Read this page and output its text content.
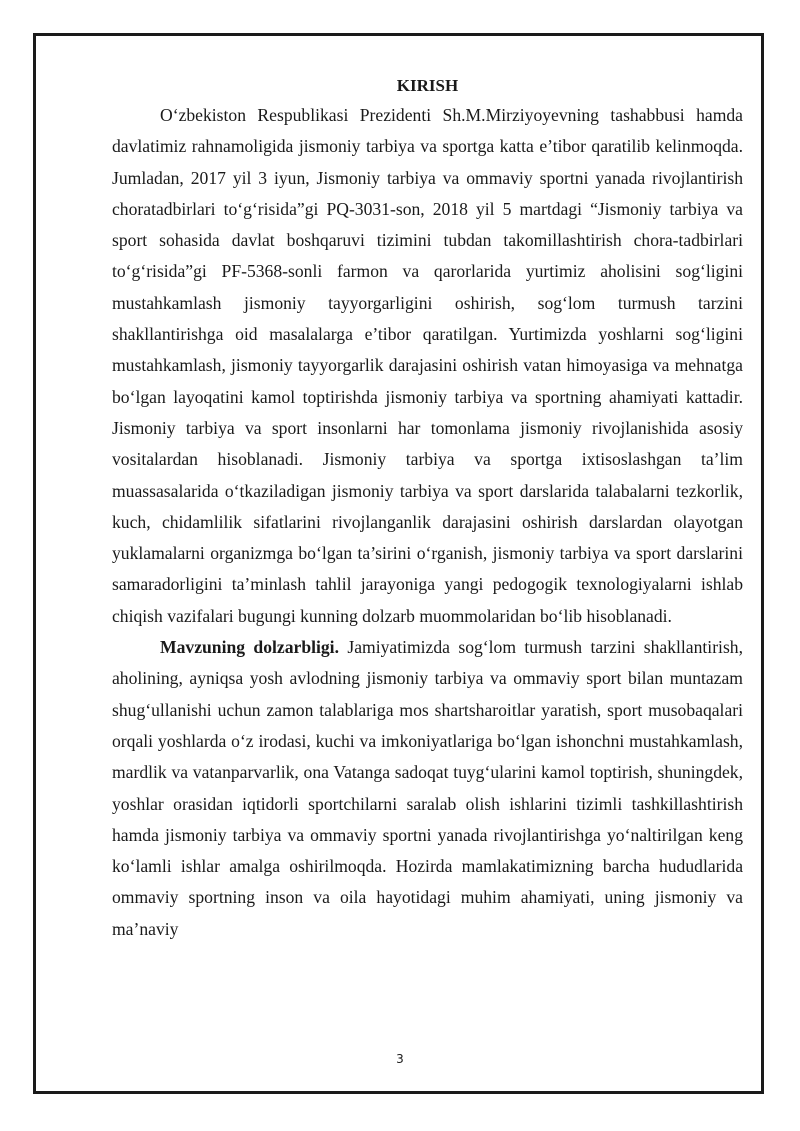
KIRISH

O‘zbekiston Respublikasi Prezidenti Sh.M.Mirziyoyevning tashabbusi hamda davlatimiz rahnamoligida jismoniy tarbiya va sportga katta e’tibor qaratilib kelinmoqda. Jumladan, 2017 yil 3 iyun, Jismoniy tarbiya va ommaviy sportni yanada rivojlantirish choratadbirlari to‘g‘risida”gi PQ-3031-son, 2018 yil 5 martdagi “Jismoniy tarbiya va sport sohasida davlat boshqaruvi tizimini tubdan takomillashtirish chora-tadbirlari to‘g‘risida”gi PF-5368-sonli farmon va qarorlarida yurtimiz aholisini sog‘ligini mustahkamlash jismoniy tayyorgarligini oshirish, sog‘lom turmush tarzini shakllantirishga oid masalalarga e’tibor qaratilgan. Yurtimizda yoshlarni sog‘ligini mustahkamlash, jismoniy tayyorgarlik darajasini oshirish vatan himoyasiga va mehnatga bo‘lgan layoqatini kamol toptirishda jismoniy tarbiya va sportning ahamiyati kattadir. Jismoniy tarbiya va sport insonlarni har tomonlama jismoniy rivojlanishida asosiy vositalardan hisoblanadi. Jismoniy tarbiya va sportga ixtisoslashgan ta’lim muassasalarida o‘tkaziladigan jismoniy tarbiya va sport darslarida talabalarni tezkorlik, kuch, chidamlilik sifatlarini rivojlanganlik darajasini oshirish darslardan olayotgan yuklamalarni organizmga bo‘lgan ta’sirini o‘rganish, jismoniy tarbiya va sport darslarini samaradorligini ta’minlash tahlil jarayoniga yangi pedogogik texnologiyalarni ishlab chiqish vazifalari bugungi kunning dolzarb muommolaridan bo‘lib hisoblanadi.

Mavzuning dolzarbligi. Jamiyatimizda sog‘lom turmush tarzini shakllantirish, aholining, ayniqsa yosh avlodning jismoniy tarbiya va ommaviy sport bilan muntazam shug‘ullanishi uchun zamon talablariga mos shartsharoitlar yaratish, sport musobaqalari orqali yoshlarda o‘z irodasi, kuchi va imkoniyatlariga bo‘lgan ishonchni mustahkamlash, mardlik va vatanparvarlik, ona Vatanga sadoqat tuyg‘ularini kamol toptirish, shuningdek, yoshlar orasidan iqtidorli sportchilarni saralab olish ishlarini tizimli tashkillashtirish hamda jismoniy tarbiya va ommaviy sportni yanada rivojlantirishga yo‘naltirilgan keng ko‘lamli ishlar amalga oshirilmoqda. Hozirda mamlakatimizning barcha hududlarida ommaviy sportning inson va oila hayotidagi muhim ahamiyati, uning jismoniy va ma’naviy

3
